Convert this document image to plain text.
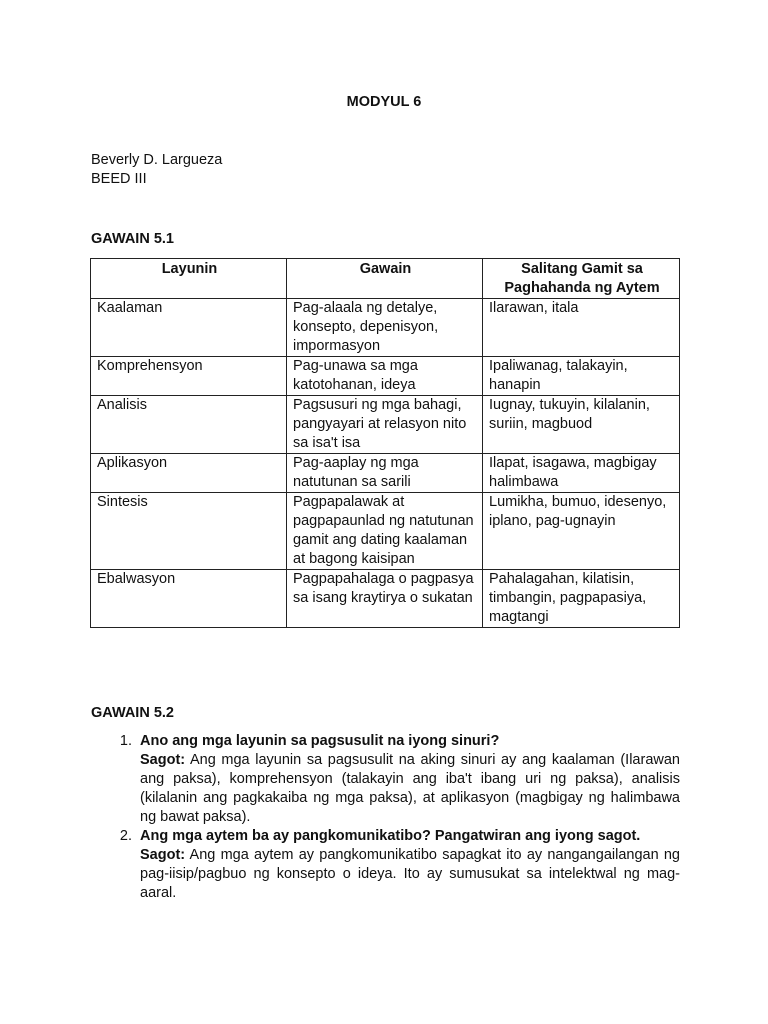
MODYUL 6
Beverly D. Largueza
BEED III
GAWAIN 5.1
Layunin	Gawain	Salitang Gamit sa Paghahanda ng Aytem
Kaalaman	Pag-alaala ng detalye, konsepto, depenisyon, impormasyon	Ilarawan, itala
Komprehensyon	Pag-unawa sa mga katotohanan, ideya	Ipaliwanag, talakayin, hanapin
Analisis	Pagsusuri ng mga bahagi, pangyayari at relasyon nito sa isa't isa	Iugnay, tukuyin, kilalanin, suriin, magbuod
Aplikasyon	Pag-aaplay ng mga natutunan sa sarili	Ilapat, isagawa, magbigay halimbawa
Sintesis	Pagpapalawak at pagpapaunlad ng natutunan gamit ang dating kaalaman at bagong kaisipan	Lumikha, bumuo, idesenyo, iplano, pag-ugnayin
Ebalwasyon	Pagpapahalaga o pagpasya sa isang kraytirya o sukatan	Pahalagahan, kilatisin, timbangin, pagpapasiya, magtangi
GAWAIN 5.2
1. Ano ang mga layunin sa pagsusulit na iyong sinuri?
Sagot: Ang mga layunin sa pagsusulit na aking sinuri ay ang kaalaman (Ilarawan ang paksa), komprehensyon (talakayin ang iba't ibang uri ng paksa), analisis (kilalanin ang pagkakaiba ng mga paksa), at aplikasyon (magbigay ng halimbawa ng bawat paksa).
2. Ang mga aytem ba ay pangkomunikatibo? Pangatwiran ang iyong sagot.
Sagot: Ang mga aytem ay pangkomunikatibo sapagkat ito ay nangangailangan ng pag-iisip/pagbuo ng konsepto o ideya. Ito ay sumusukat sa intelektwal ng mag-aaral.
